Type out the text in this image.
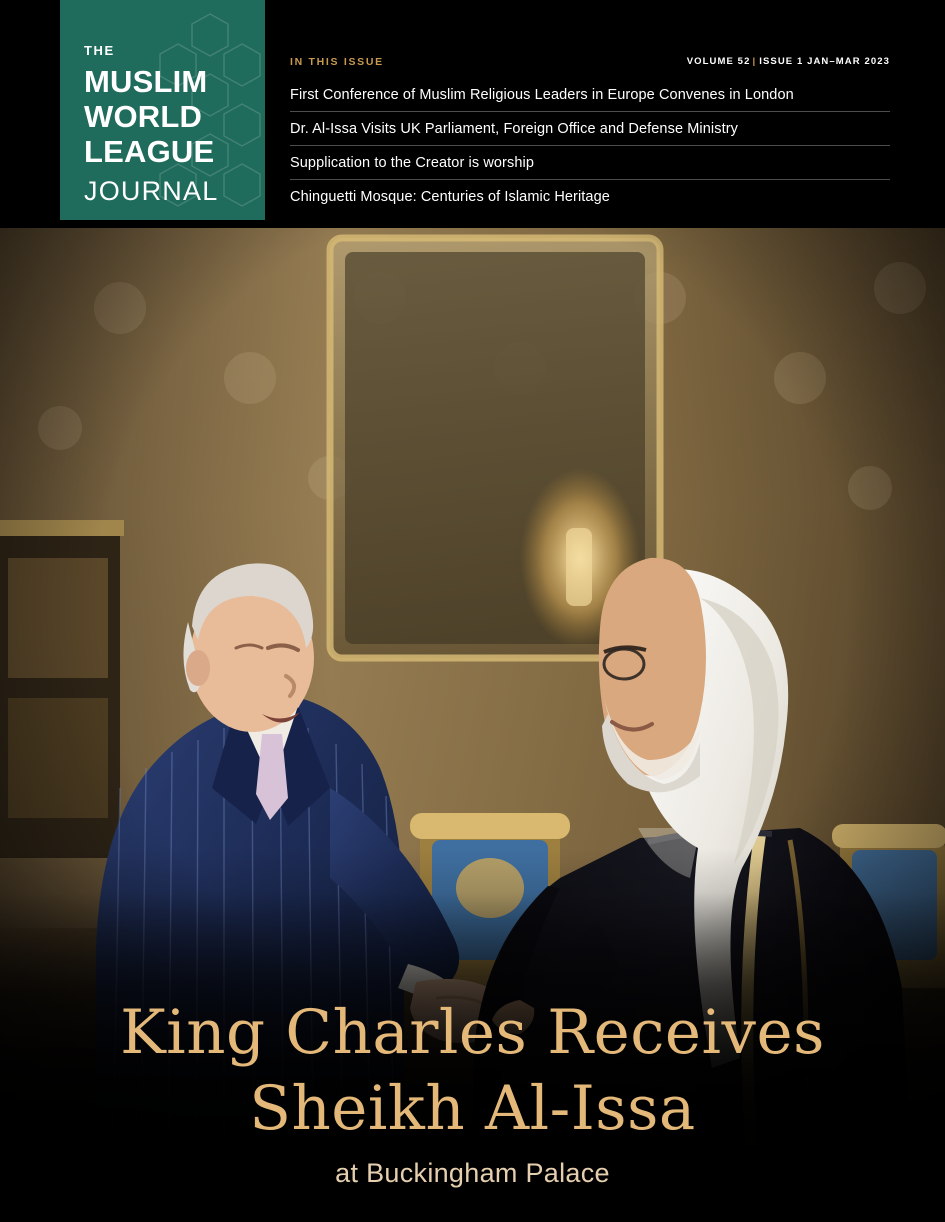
THE
MUSLIM
WORLD
LEAGUE
JOURNAL
IN THIS ISSUE	VOLUME 52 | ISSUE 1 JAN–MAR 2023
First Conference of Muslim Religious Leaders in Europe Convenes in London
Dr. Al-Issa Visits UK Parliament, Foreign Office and Defense Ministry
Supplication to the Creator is worship
Chinguetti Mosque: Centuries of Islamic Heritage
King Charles Receives
Sheikh Al-Issa
at Buckingham Palace
